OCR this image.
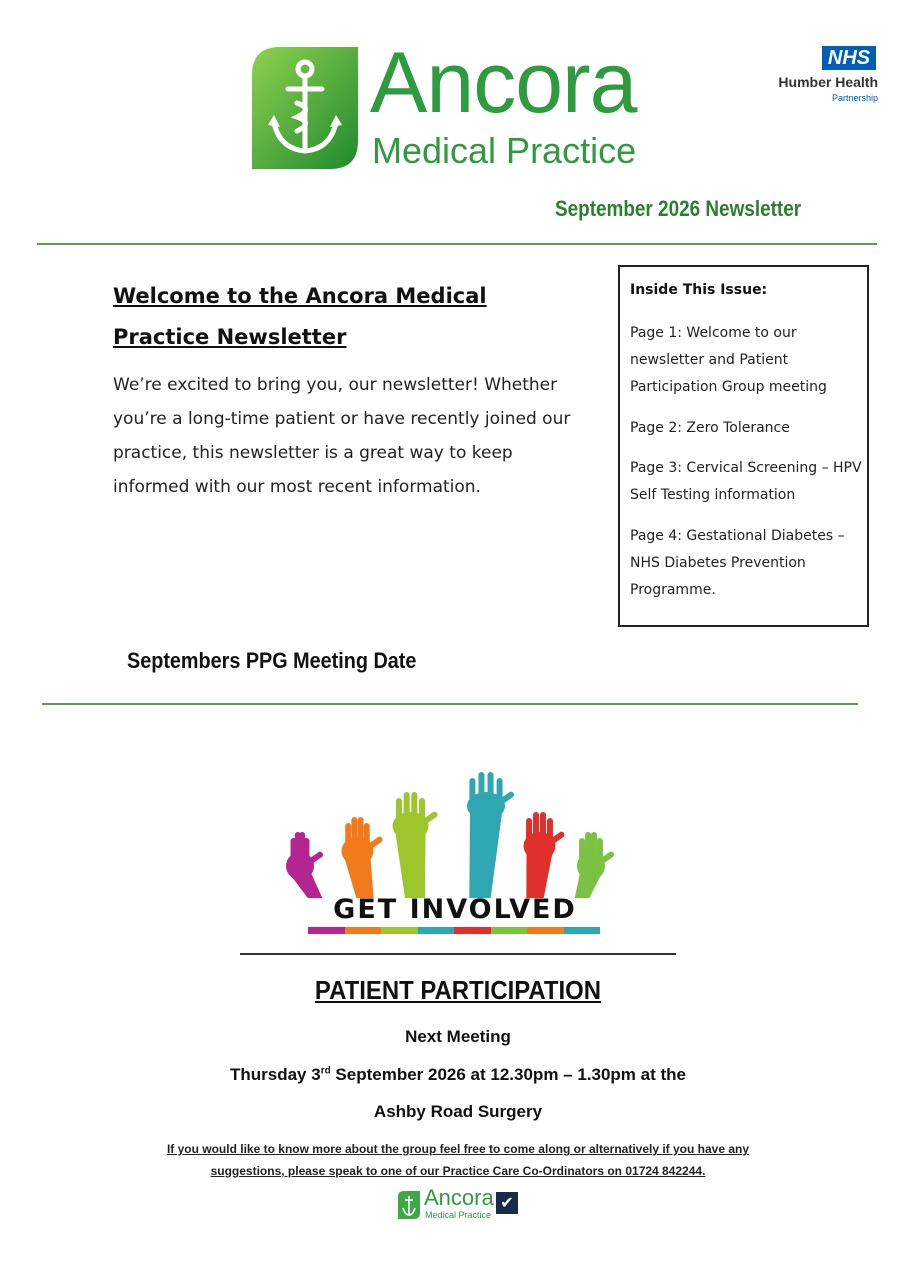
Ancora
Medical Practice
NHS
Humber Health
Partnership
September 2026 Newsletter
Welcome to the Ancora Medical Practice Newsletter
We’re excited to bring you, our newsletter! Whether you’re a long-time patient or have recently joined our practice, this newsletter is a great way to keep informed with our most recent information.
Inside This Issue:
Page 1: Welcome to our newsletter and Patient Participation Group meeting
Page 2: Zero Tolerance
Page 3: Cervical Screening – HPV Self Testing information
Page 4: Gestational Diabetes – NHS Diabetes Prevention Programme.
Septembers PPG Meeting Date
GET INVOLVED
PATIENT PARTICIPATION
Next Meeting
Thursday 3rd September 2026 at 12.30pm – 1.30pm at the
Ashby Road Surgery
If you would like to know more about the group feel free to come along or alternatively if you have any suggestions, please speak to one of our Practice Care Co-Ordinators on 01724 842244.
Ancora
Medical Practice
✔
